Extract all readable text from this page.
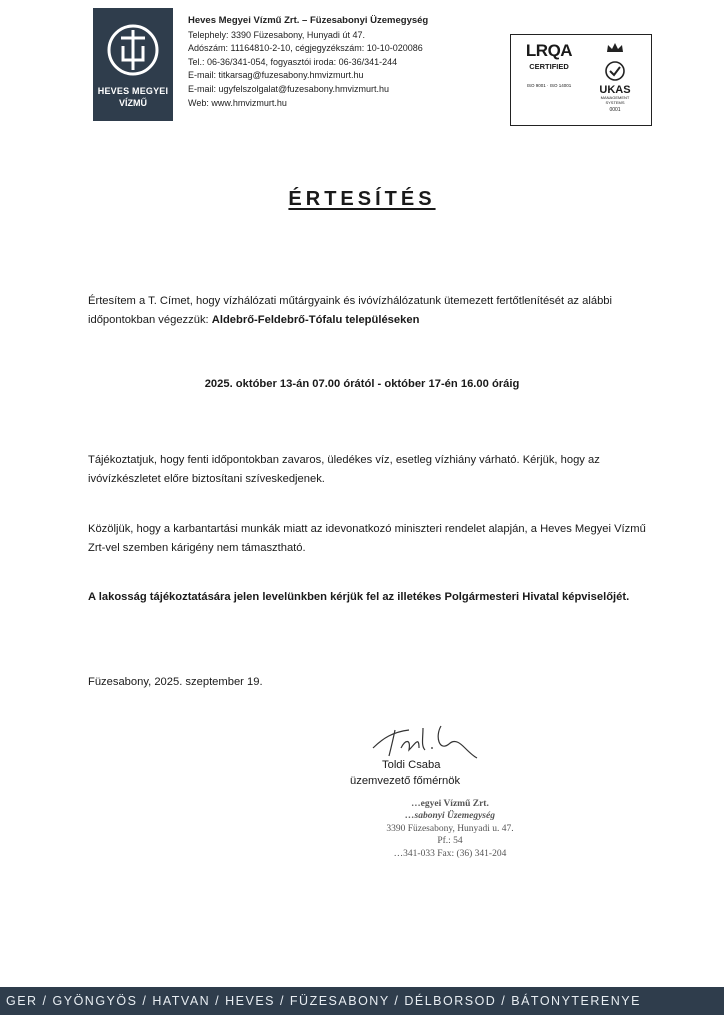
HEVES MEGYEI
VÍZMŰ
Heves Megyei Vízmű Zrt. – Füzesabonyi Üzemegység
Telephely: 3390 Füzesabony, Hunyadi út 47.
Adószám: 11164810-2-10, cégjegyzékszám: 10-10-020086
Tel.: 06-36/341-054, fogyasztói iroda: 06-36/341-244
E-mail: titkarsag@fuzesabony.hmvizmurt.hu
E-mail: ugyfelszolgalat@fuzesabony.hmvizmurt.hu
Web: www.hmvizmurt.hu
LRQA
CERTIFIED
ISO 9001 · ISO 14001	UKAS
MANAGEMENT
SYSTEMS
0001
ÉRTESÍTÉS
Értesítem a T. Címet, hogy vízhálózati műtárgyaink és ivóvízhálózatunk ütemezett fertőtlenítését az alábbi időpontokban végezzük: Aldebrő-Feldebrő-Tófalu településeken
2025. október 13-án 07.00 órától - október 17-én 16.00 óráig
Tájékoztatjuk, hogy fenti időpontokban zavaros, üledékes víz, esetleg vízhiány várható. Kérjük, hogy az ivóvízkészletet előre biztosítani szíveskedjenek.
Közöljük, hogy a karbantartási munkák miatt az idevonatkozó miniszteri rendelet alapján, a Heves Megyei Vízmű Zrt-vel szemben kárigény nem támasztható.
A lakosság tájékoztatására jelen levelünkben kérjük fel az illetékes Polgármesteri Hivatal képviselőjét.
Füzesabony, 2025. szeptember 19.
Toldi Csaba
üzemvezető főmérnök
…egyei Vízmű Zrt.
…sabonyi Üzemegység
3390 Füzesabony, Hunyadi u. 47.
Pf.: 54
…341-033 Fax: (36) 341-204
GER / GYÖNGYÖS / HATVAN / HEVES / FÜZESABONY / DÉLBORSOD / BÁTONYTERENYE
